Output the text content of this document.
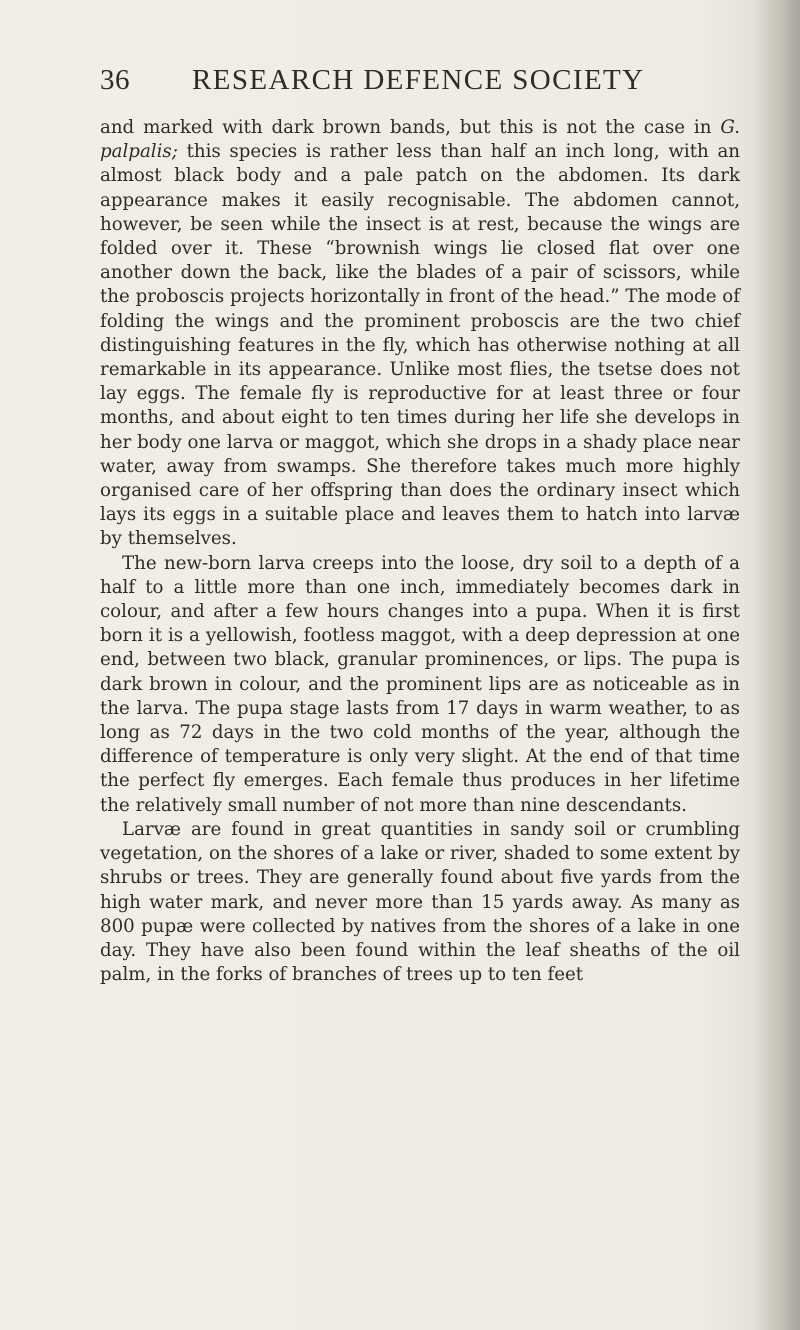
36 RESEARCH DEFENCE SOCIETY

and marked with dark brown bands, but this is not the case in G. palpalis; this species is rather less than half an inch long, with an almost black body and a pale patch on the abdomen. Its dark appearance makes it easily recognisable. The abdomen cannot, however, be seen while the insect is at rest, because the wings are folded over it. These “brownish wings lie closed flat over one another down the back, like the blades of a pair of scissors, while the proboscis projects horizontally in front of the head.” The mode of folding the wings and the prominent proboscis are the two chief distinguishing features in the fly, which has otherwise nothing at all remarkable in its appearance. Unlike most flies, the tsetse does not lay eggs. The female fly is reproductive for at least three or four months, and about eight to ten times during her life she develops in her body one larva or maggot, which she drops in a shady place near water, away from swamps. She therefore takes much more highly organised care of her offspring than does the ordinary insect which lays its eggs in a suitable place and leaves them to hatch into larvæ by themselves.

The new-born larva creeps into the loose, dry soil to a depth of a half to a little more than one inch, immediately becomes dark in colour, and after a few hours changes into a pupa. When it is first born it is a yellowish, footless maggot, with a deep depression at one end, between two black, granular prominences, or lips. The pupa is dark brown in colour, and the prominent lips are as noticeable as in the larva. The pupa stage lasts from 17 days in warm weather, to as long as 72 days in the two cold months of the year, although the difference of temperature is only very slight. At the end of that time the perfect fly emerges. Each female thus produces in her lifetime the relatively small number of not more than nine descendants.

Larvæ are found in great quantities in sandy soil or crumbling vegetation, on the shores of a lake or river, shaded to some extent by shrubs or trees. They are generally found about five yards from the high water mark, and never more than 15 yards away. As many as 800 pupæ were collected by natives from the shores of a lake in one day. They have also been found within the leaf sheaths of the oil palm, in the forks of branches of trees up to ten feet
